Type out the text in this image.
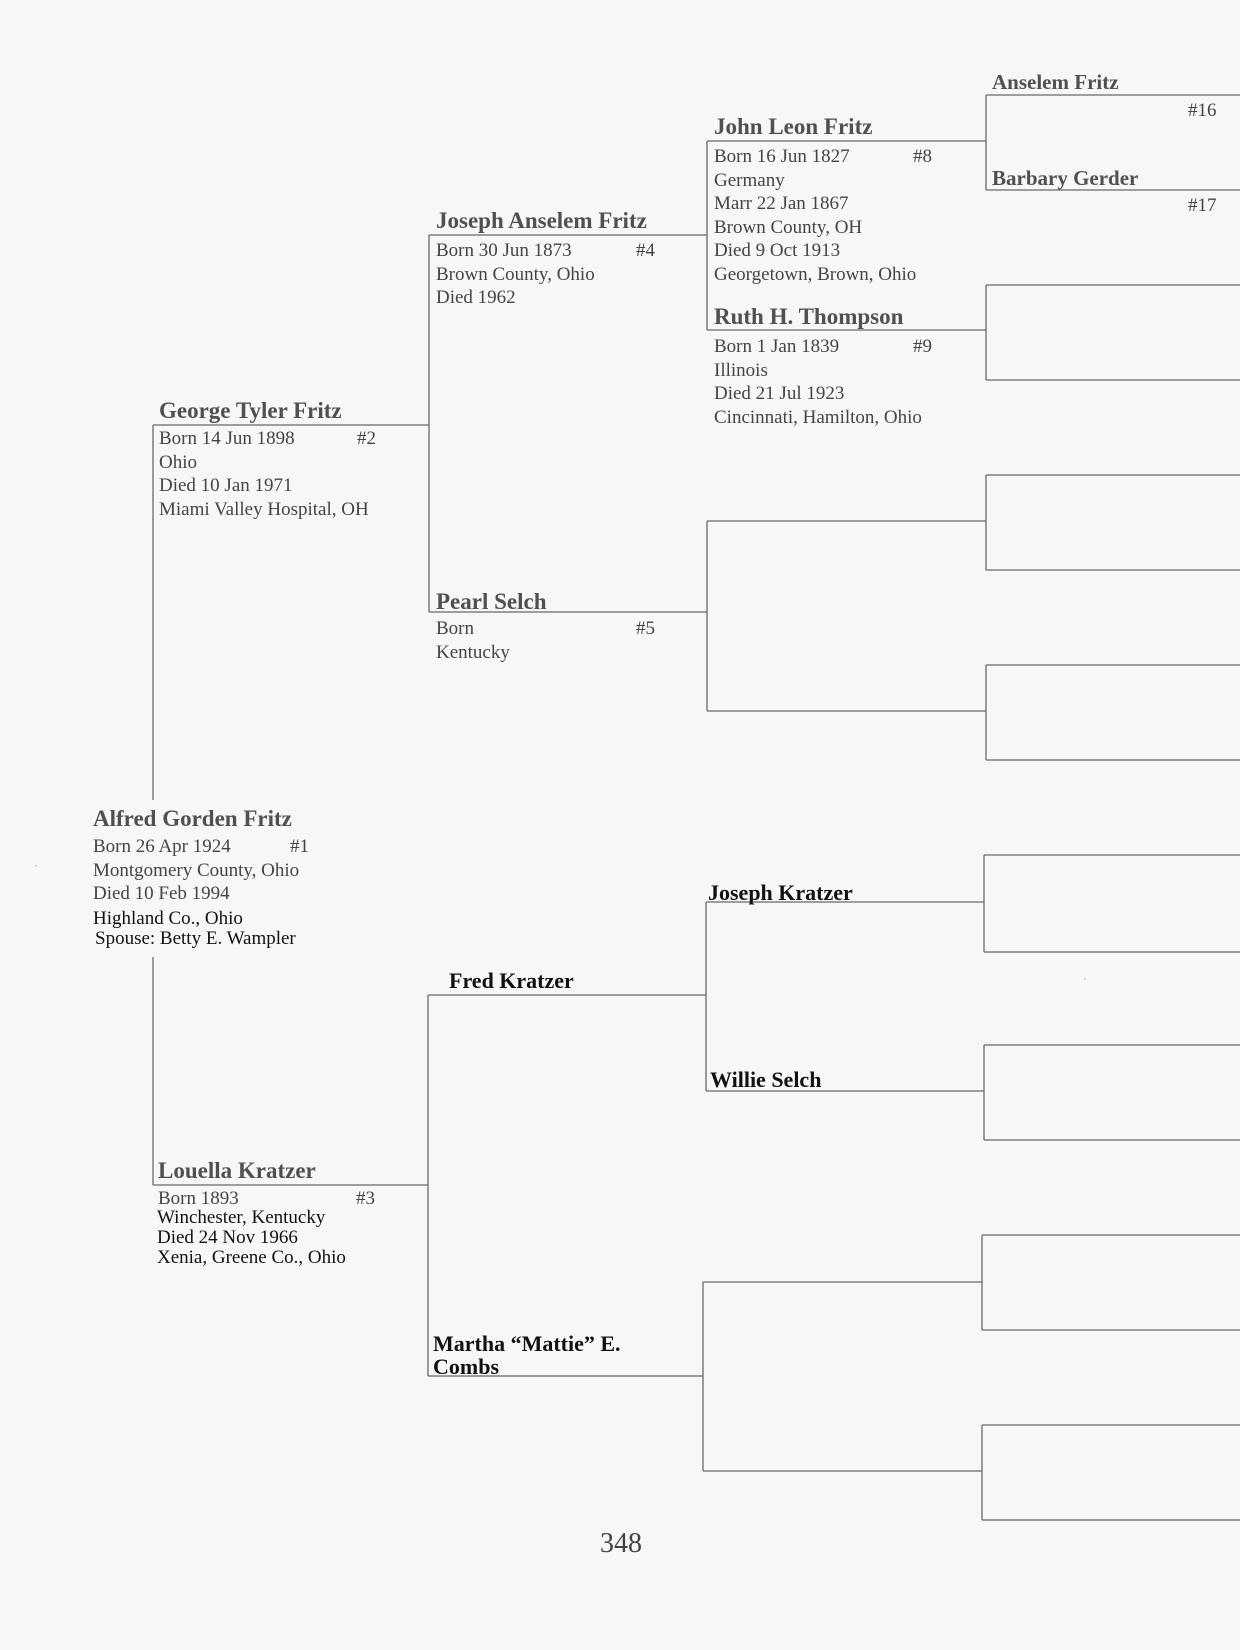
Anselem Fritz
#16
Barbary Gerder
#17
John Leon Fritz
#8
Born 16 Jun 1827
Germany
Marr 22 Jan 1867
Brown County, OH
Died 9 Oct 1913
Georgetown, Brown, Ohio
Ruth H. Thompson
#9
Born 1 Jan 1839
Illinois
Died 21 Jul 1923
Cincinnati, Hamilton, Ohio
Joseph Anselem Fritz
#4
Born 30 Jun 1873
Brown County, Ohio
Died 1962
George Tyler Fritz
#2
Born 14 Jun 1898
Ohio
Died 10 Jan 1971
Miami Valley Hospital, OH
Pearl Selch
#5
Born
Kentucky
Alfred Gorden Fritz
#1
Born 26 Apr 1924
Montgomery County, Ohio
Died 10 Feb 1994
Highland Co., Ohio
Spouse: Betty E. Wampler
Joseph Kratzer
Fred Kratzer
Willie Selch
Louella Kratzer
#3
Born 1893
Winchester, Kentucky
Died 24 Nov 1966
Xenia, Greene Co., Ohio
Martha “Mattie” E.
Combs
348
˙
˙
